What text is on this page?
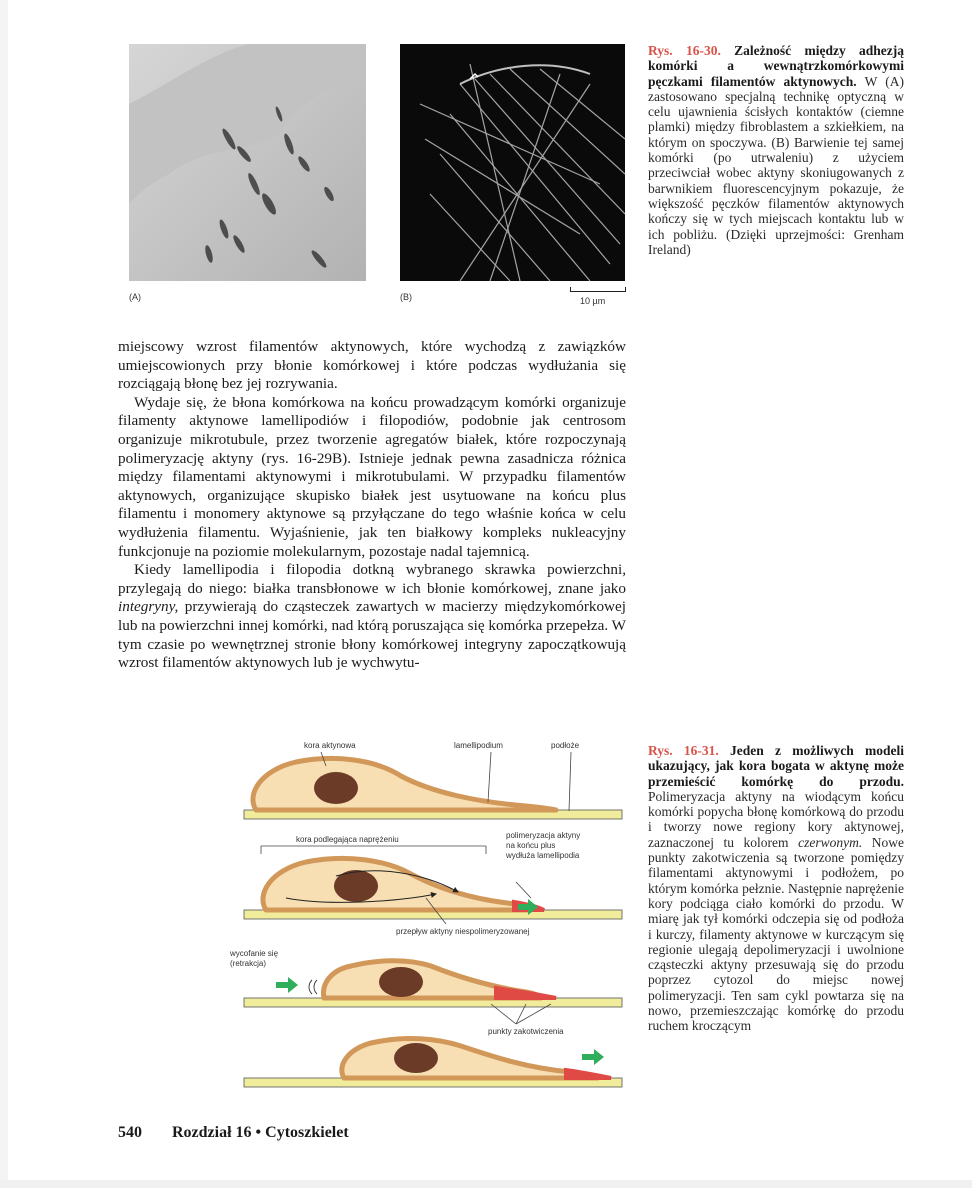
(A)	(B)	10 µm
Rys. 16-30. Zależność między adhezją komórki a wewnątrzkomórkowymi pęczkami filamentów aktynowych. W (A) zastosowano specjalną technikę optyczną w celu ujawnienia ścisłych kontaktów (ciemne plamki) między fibroblastem a szkiełkiem, na którym on spoczywa. (B) Barwienie tej samej komórki (po utrwaleniu) z użyciem przeciwciał wobec aktyny skoniugowanych z barwnikiem fluorescencyjnym pokazuje, że większość pęczków filamentów aktynowych kończy się w tych miejscach kontaktu lub w ich pobliżu. (Dzięki uprzejmości: Grenham Ireland)

miejscowy wzrost filamentów aktynowych, które wychodzą z zawiązków umiejscowionych przy błonie komórkowej i które podczas wydłużania się rozciągają błonę bez jej rozrywania.

Wydaje się, że błona komórkowa na końcu prowadzącym komórki organizuje filamenty aktynowe lamellipodiów i filopodiów, podobnie jak centrosom organizuje mikrotubule, przez tworzenie agregatów białek, które rozpoczynają polimeryzację aktyny (rys. 16-29B). Istnieje jednak pewna zasadnicza różnica między filamentami aktynowymi i mikrotubulami. W przypadku filamentów aktynowych, organizujące skupisko białek jest usytuowane na końcu plus filamentu i monomery aktynowe są przyłączane do tego właśnie końca w celu wydłużenia filamentu. Wyjaśnienie, jak ten białkowy kompleks nukleacyjny funkcjonuje na poziomie molekularnym, pozostaje nadal tajemnicą.

Kiedy lamellipodia i filopodia dotkną wybranego skrawka powierzchni, przylegają do niego: białka transbłonowe w ich błonie komórkowej, znane jako integryny, przywierają do cząsteczek zawartych w macierzy międzykomórkowej lub na powierzchni innej komórki, nad którą poruszająca się komórka przepełza. W tym czasie po wewnętrznej stronie błony komórkowej integryny zapoczątkowują wzrost filamentów aktynowych lub je wychwytu-

kora aktynowa	lamellipodium	podłoże
kora podlegająca naprężeniu	polimeryzacja aktyny
na końcu plus
wydłuża lamellipodia
przepływ aktyny niespolimeryzowanej
wycofanie się
(retrakcja)
punkty zakotwiczenia
Rys. 16-31. Jeden z możliwych modeli ukazujący, jak kora bogata w aktynę może przemieścić komórkę do przodu. Polimeryzacja aktyny na wiodącym końcu komórki popycha błonę komórkową do przodu i tworzy nowe regiony kory aktynowej, zaznaczonej tu kolorem czerwonym. Nowe punkty zakotwiczenia są tworzone pomiędzy filamentami aktynowymi i podłożem, po którym komórka pełznie. Następnie naprężenie kory podciąga ciało komórki do przodu. W miarę jak tył komórki odczepia się od podłoża i kurczy, filamenty aktynowe w kurczącym się regionie ulegają depolimeryzacji i uwolnione cząsteczki aktyny przesuwają się do przodu poprzez cytozol do miejsc nowej polimeryzacji. Ten sam cykl powtarza się na nowo, przemieszczając komórkę do przodu ruchem kroczącym
540 Rozdział 16 • Cytoszkielet
